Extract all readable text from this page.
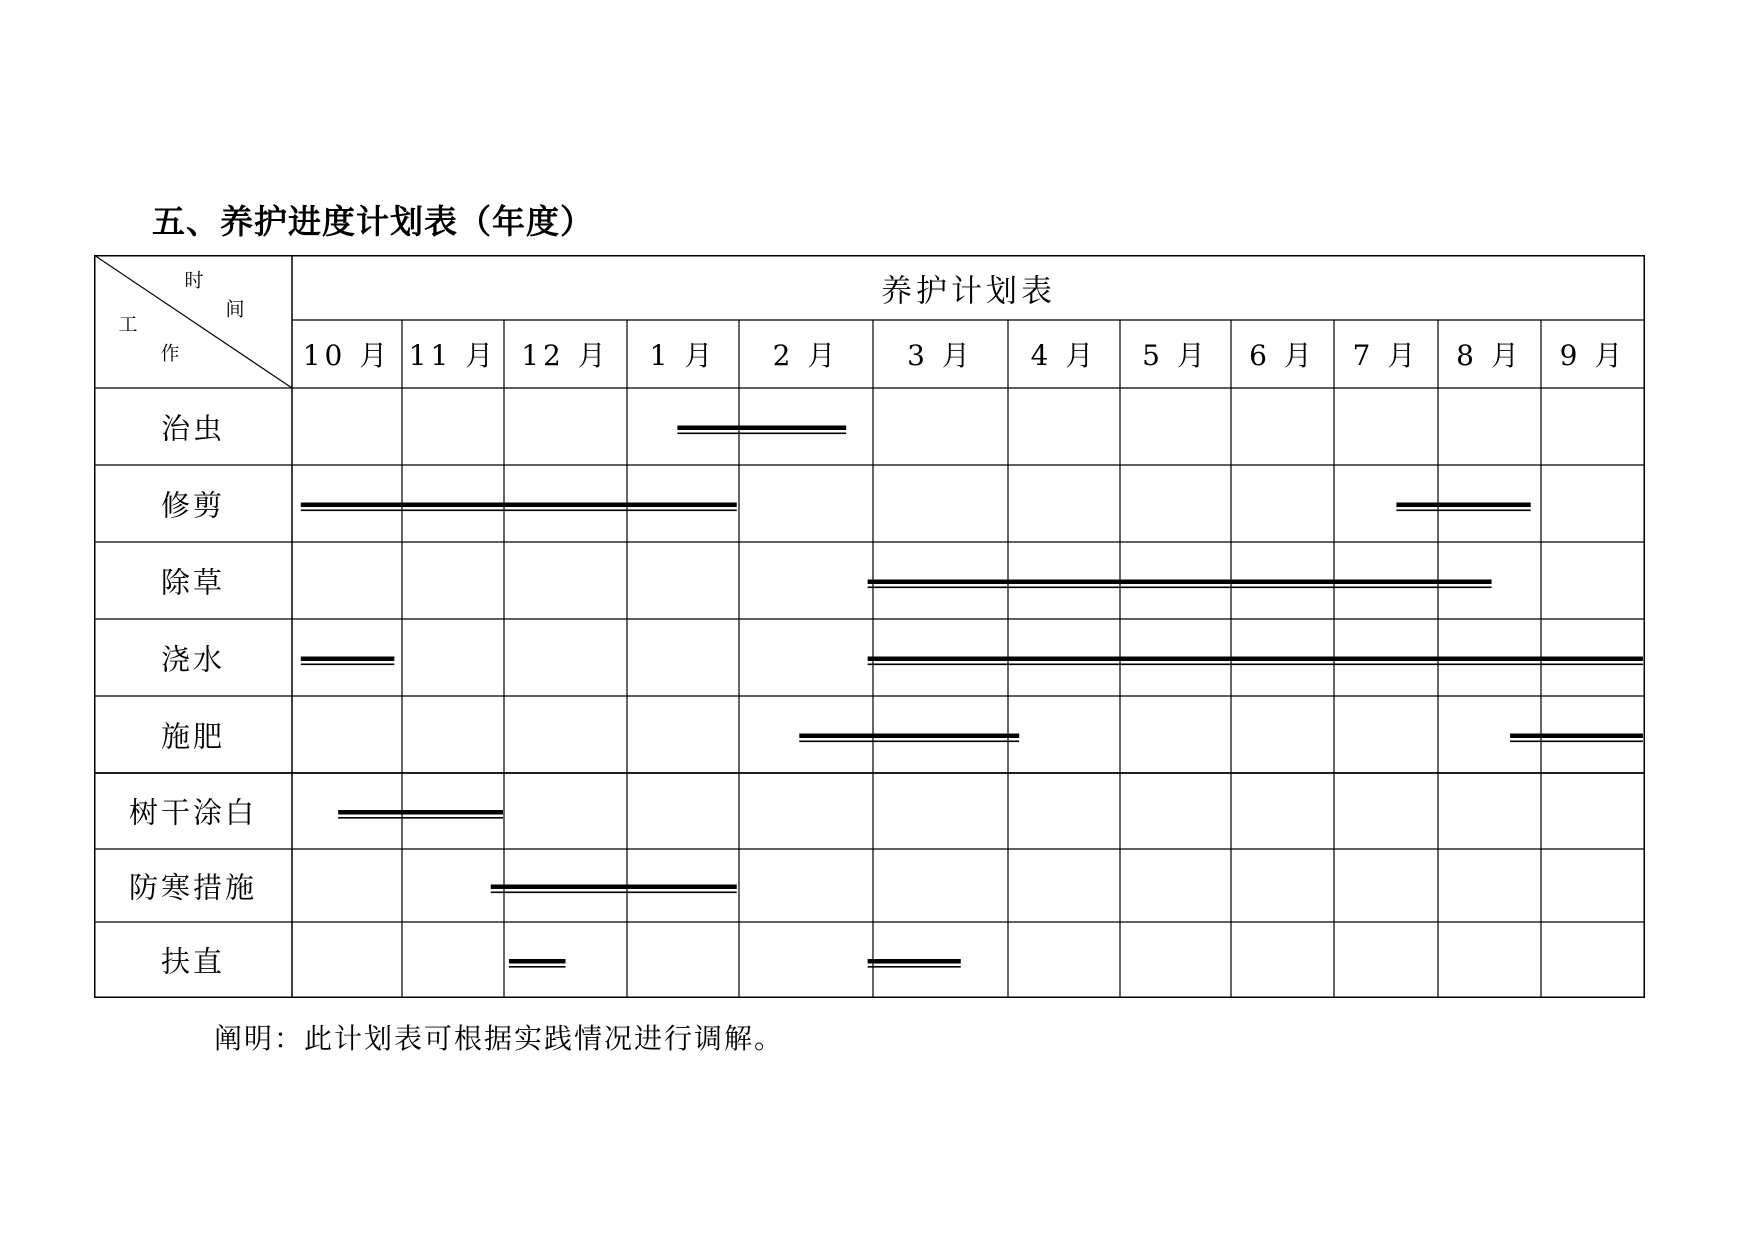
五、养护进度计划表（年度）
时
间
工
作
养护计划表
10 月 11 月 12 月 1 月 2 月 3 月 4 月 5 月 6 月 7 月 8 月 9 月
治虫
修剪
除草
浇水
施肥
树干涂白
防寒措施
扶直
阐明：此计划表可根据实践情况进行调解。
